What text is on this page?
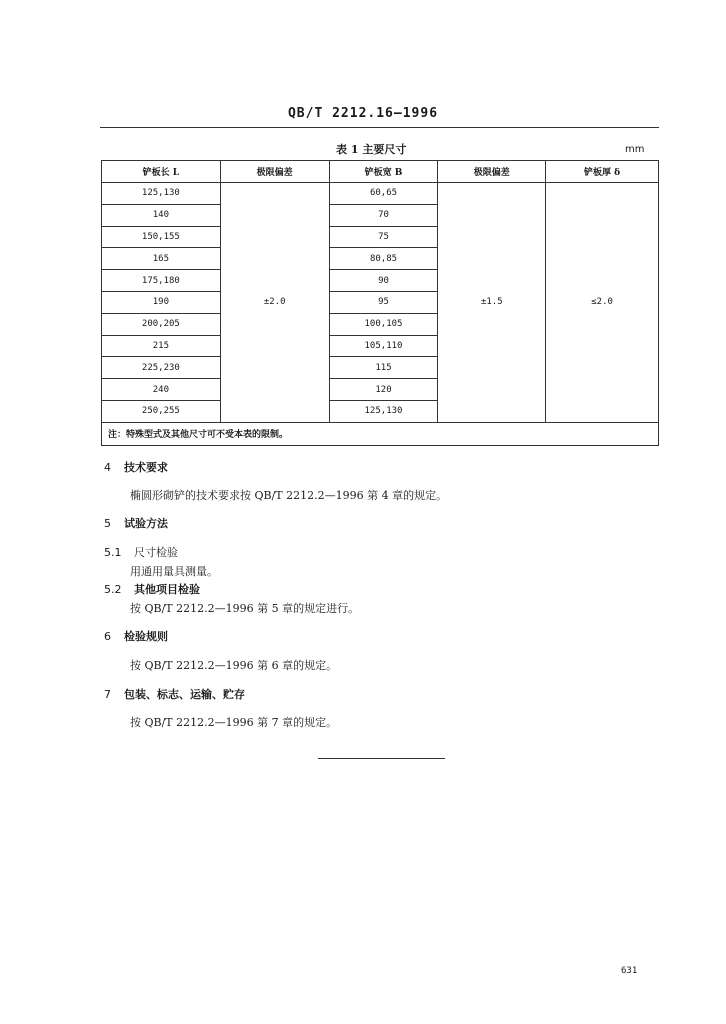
QB/T 2212.16—1996
表 1 主要尺寸	mm
铲板长 L	极限偏差	铲板宽 B	极限偏差	铲板厚 δ
125,130	±2.0	60,65	±1.5	≤2.0
140		70		
150,155		75		
165		80,85		
175,180		90		
190		95		
200,205		100,105		
215		105,110		
225,230		115		
240		120		
250,255		125,130		
注：特殊型式及其他尺寸可不受本表的限制。				
4 技术要求
椭圆形砌铲的技术要求按 QB/T 2212.2—1996 第 4 章的规定。
5 试验方法
5.1 尺寸检验
用通用量具测量。
5.2 其他项目检验
按 QB/T 2212.2—1996 第 5 章的规定进行。
6 检验规则
按 QB/T 2212.2—1996 第 6 章的规定。
7 包装、标志、运输、贮存
按 QB/T 2212.2—1996 第 7 章的规定。
631
